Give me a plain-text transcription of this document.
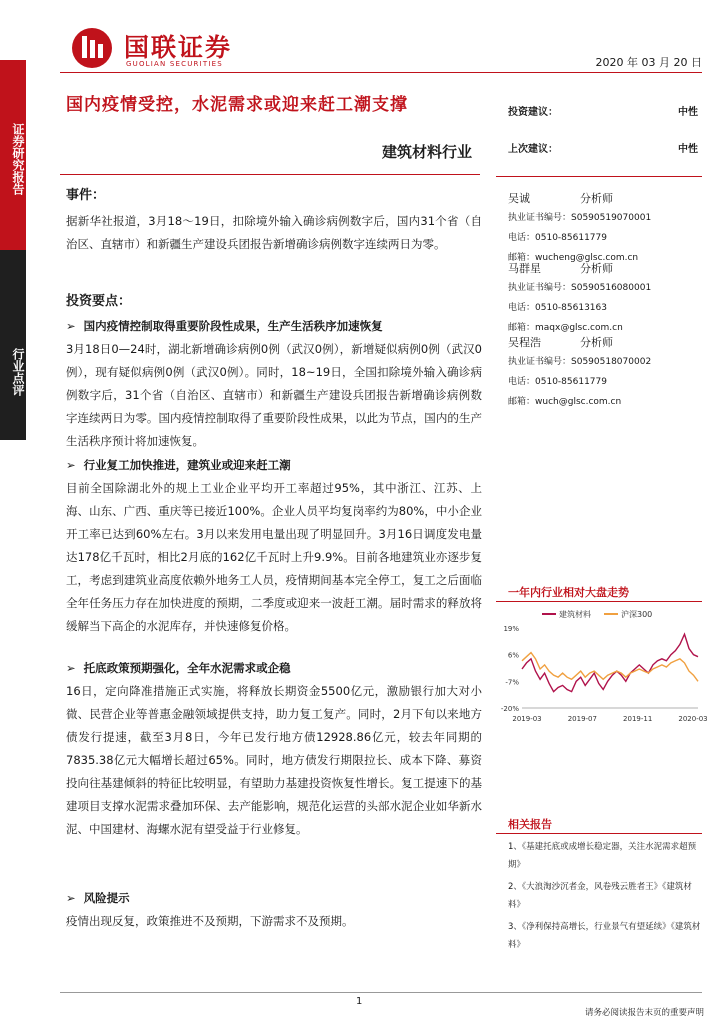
国联证券
GUOLIAN SECURITIES	2020 年 03 月 20 日
证券研究报告
行业点评
国内疫情受控，水泥需求或迎来赶工潮支撑
建筑材料行业
投资建议：	中性
上次建议：	中性
事件：
据新华社报道，3月18～19日，扣除境外输入确诊病例数字后，国内31个省（自治区、直辖市）和新疆生产建设兵团报告新增确诊病例数字连续两日为零。
投资要点：
➢  国内疫情控制取得重要阶段性成果，生产生活秩序加速恢复
3月18日0—24时，湖北新增确诊病例0例（武汉0例），新增疑似病例0例（武汉0例），现有疑似病例0例（武汉0例）。同时，18~19日，全国扣除境外输入确诊病例数字后，31个省（自治区、直辖市）和新疆生产建设兵团报告新增确诊病例数字连续两日为零。国内疫情控制取得了重要阶段性成果，以此为节点，国内的生产生活秩序预计将加速恢复。
➢  行业复工加快推进，建筑业或迎来赶工潮
目前全国除湖北外的规上工业企业平均开工率超过95%，其中浙江、江苏、上海、山东、广西、重庆等已接近100%。企业人员平均复岗率约为80%，中小企业开工率已达到60%左右。3月以来发用电量出现了明显回升。3月16日调度发电量达178亿千瓦时，相比2月底的162亿千瓦时上升9.9%。目前各地建筑业亦逐步复工，考虑到建筑业高度依赖外地务工人员，疫情期间基本完全停工，复工之后面临全年任务压力存在加快进度的预期，二季度或迎来一波赶工潮。届时需求的释放将缓解当下高企的水泥库存，并快速修复价格。
➢  托底政策预期强化，全年水泥需求或企稳
16日，定向降准措施正式实施，将释放长期资金5500亿元，激励银行加大对小微、民营企业等普惠金融领域提供支持，助力复工复产。同时，2月下旬以来地方债发行提速，截至3月8日，今年已发行地方债12928.86亿元，较去年同期的7835.38亿元大幅增长超过65%。同时，地方债发行期限拉长、成本下降、募资投向往基建倾斜的特征比较明显，有望助力基建投资恢复性增长。复工提速下的基建项目支撑水泥需求叠加环保、去产能影响，规范化运营的头部水泥企业如华新水泥、中国建材、海螺水泥有望受益于行业修复。
➢  风险提示
疫情出现反复，政策推进不及预期，下游需求不及预期。
吴诚	分析师
执业证书编号：S0590519070001
电话：0510-85611779
邮箱：wucheng@glsc.com.cn
马群星	分析师
执业证书编号：S0590516080001
电话：0510-85613163
邮箱：maqx@glsc.com.cn
吴程浩	分析师
执业证书编号：S0590518070002
电话：0510-85611779
邮箱：wuch@glsc.com.cn
一年内行业相对大盘走势
建筑材料	沪深300
19%
6%
-7%
-20%
2019-03	2019-07	2019-11	2020-03
相关报告
1、《基建托底或成增长稳定器，关注水泥需求超预期》
2、《大浪淘沙沉者金，风卷残云胜者王》《建筑材料》
3、《净利保持高增长，行业景气有望延续》《建筑材料》
1
请务必阅读报告末页的重要声明
